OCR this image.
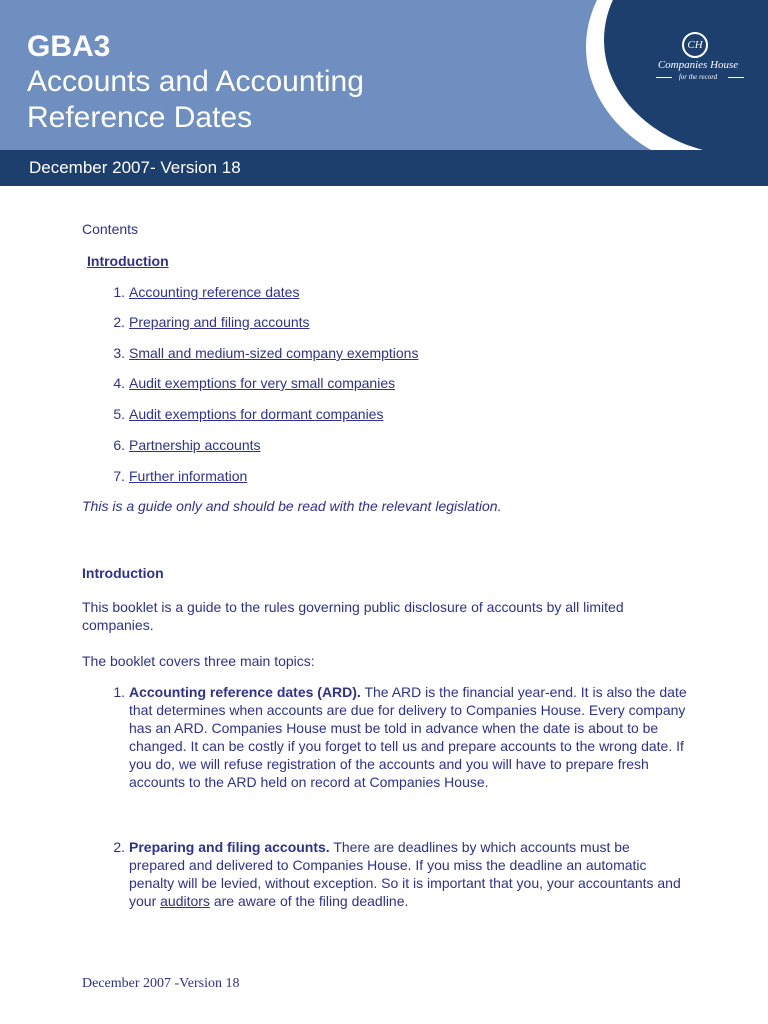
GBA3
Accounts and Accounting
Reference Dates
CH
Companies House
for the record
December 2007- Version 18
Contents
Introduction
1. Accounting reference dates
2. Preparing and filing accounts
3. Small and medium-sized company exemptions
4. Audit exemptions for very small companies
5. Audit exemptions for dormant companies
6. Partnership accounts
7. Further information
This is a guide only and should be read with the relevant legislation.
Introduction
This booklet is a guide to the rules governing public disclosure of accounts by all limited companies.
The booklet covers three main topics:
1. Accounting reference dates (ARD). The ARD is the financial year-end. It is also the date that determines when accounts are due for delivery to Companies House. Every company has an ARD. Companies House must be told in advance when the date is about to be changed. It can be costly if you forget to tell us and prepare accounts to the wrong date. If you do, we will refuse registration of the accounts and you will have to prepare fresh accounts to the ARD held on record at Companies House.
2. Preparing and filing accounts. There are deadlines by which accounts must be prepared and delivered to Companies House. If you miss the deadline an automatic penalty will be levied, without exception. So it is important that you, your accountants and your auditors are aware of the filing deadline.
December 2007 -Version 18
